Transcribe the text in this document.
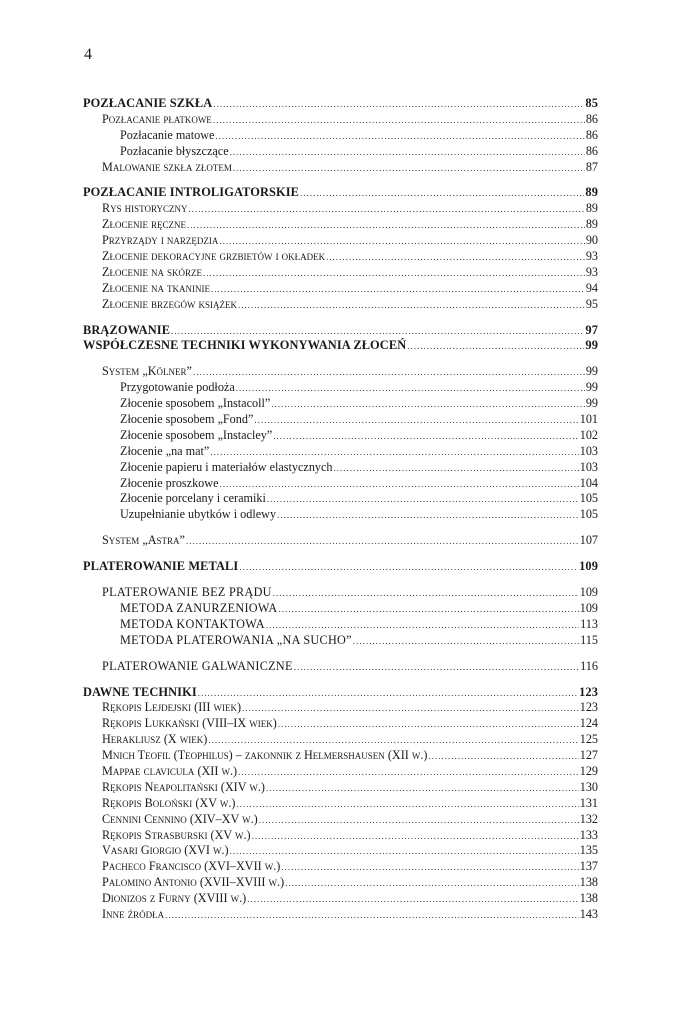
4
POZŁACANIE SZKŁA .....	85
Pozłacanie płatkowe .....	86
Pozłacanie matowe .....	86
Pozłacanie błyszczące .....	86
Malowanie szkła złotem .....	87
POZŁACANIE INTROLIGATORSKIE .....	89
Rys historyczny .....	89
Złocenie ręczne .....	89
Przyrządy i narzędzia .....	90
Złocenie dekoracyjne grzbietów i okładek .....	93
Złocenie na skórze .....	93
Złocenie na tkaninie .....	94
Złocenie brzegów książek .....	95
BRĄZOWANIE .....	97
WSPÓŁCZESNE TECHNIKI WYKONYWANIA ZŁOCEŃ .....	99
System „Kölner” .....	99
Przygotowanie podłoża .....	99
Złocenie sposobem „Instacoll” .....	99
Złocenie sposobem „Fond” .....	101
Złocenie sposobem „Instacley” .....	102
Złocenie „na mat” .....	103
Złocenie papieru i materiałów elastycznych .....	103
Złocenie proszkowe .....	104
Złocenie porcelany i ceramiki .....	105
Uzupełnianie ubytków i odlewy .....	105
System „Astra” .....	107
PLATEROWANIE METALI .....	109
PLATEROWANIE BEZ PRĄDU .....	109
METODA ZANURZENIOWA .....	109
METODA KONTAKTOWA .....	113
METODA PLATEROWANIA „NA SUCHO” .....	115
PLATEROWANIE GALWANICZNE .....	116
DAWNE TECHNIKI .....	123
Rękopis Lejdejski (III wiek) .....	123
Rękopis Lukkański (VIII–IX wiek) .....	124
Herakliusz (X wiek) .....	125
Mnich Teofil (Teophilus) – zakonnik z Helmershausen (XII w.) .....	127
Mappae clavicula (XII w.) .....	129
Rękopis Neapolitański (XIV w.) .....	130
Rękopis Boloński (XV w.) .....	131
Cennini Cennino (XIV–XV w.) .....	132
Rękopis Strasburski (XV w.) .....	133
Vasari Giorgio (XVI w.) .....	135
Pacheco Francisco (XVI–XVII w.) .....	137
Palomino Antonio (XVII–XVIII w.) .....	138
Dionizos z Furny (XVIII w.) .....	138
Inne źródła .....	143
